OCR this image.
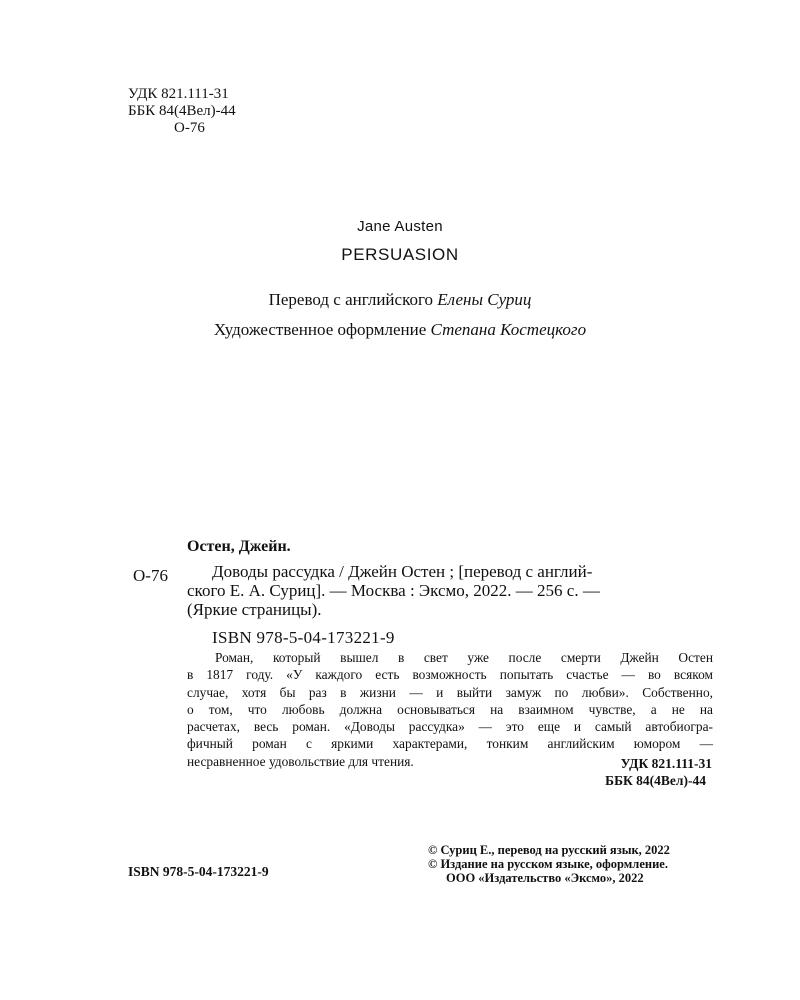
УДК 821.111-31
ББК 84(4Вел)-44
О-76
Jane Austen
PERSUASION
Перевод с английского Елены Суриц
Художественное оформление Степана Костецкого
Остен, Джейн.
О-76	Доводы рассудка / Джейн Остен ; [перевод с англий-
ского Е. А. Суриц]. — Москва : Эксмо, 2022. — 256 с. —
(Яркие страницы).
ISBN 978-5-04-173221-9
Роман, который вышел в свет уже после смерти Джейн Остен
в 1817 году. «У каждого есть возможность попытать счастье — во всяком
случае, хотя бы раз в жизни — и выйти замуж по любви». Собственно,
о том, что любовь должна основываться на взаимном чувстве, а не на
расчетах, весь роман. «Доводы рассудка» — это еще и самый автобиогра-
фичный роман с яркими характерами, тонким английским юмором —
несравненное удовольствие для чтения.	УДК 821.111-31
ББК 84(4Вел)-44
© Суриц Е., перевод на русский язык, 2022
© Издание на русском языке, оформление.
ООО «Издательство «Эксмо», 2022
ISBN 978-5-04-173221-9
